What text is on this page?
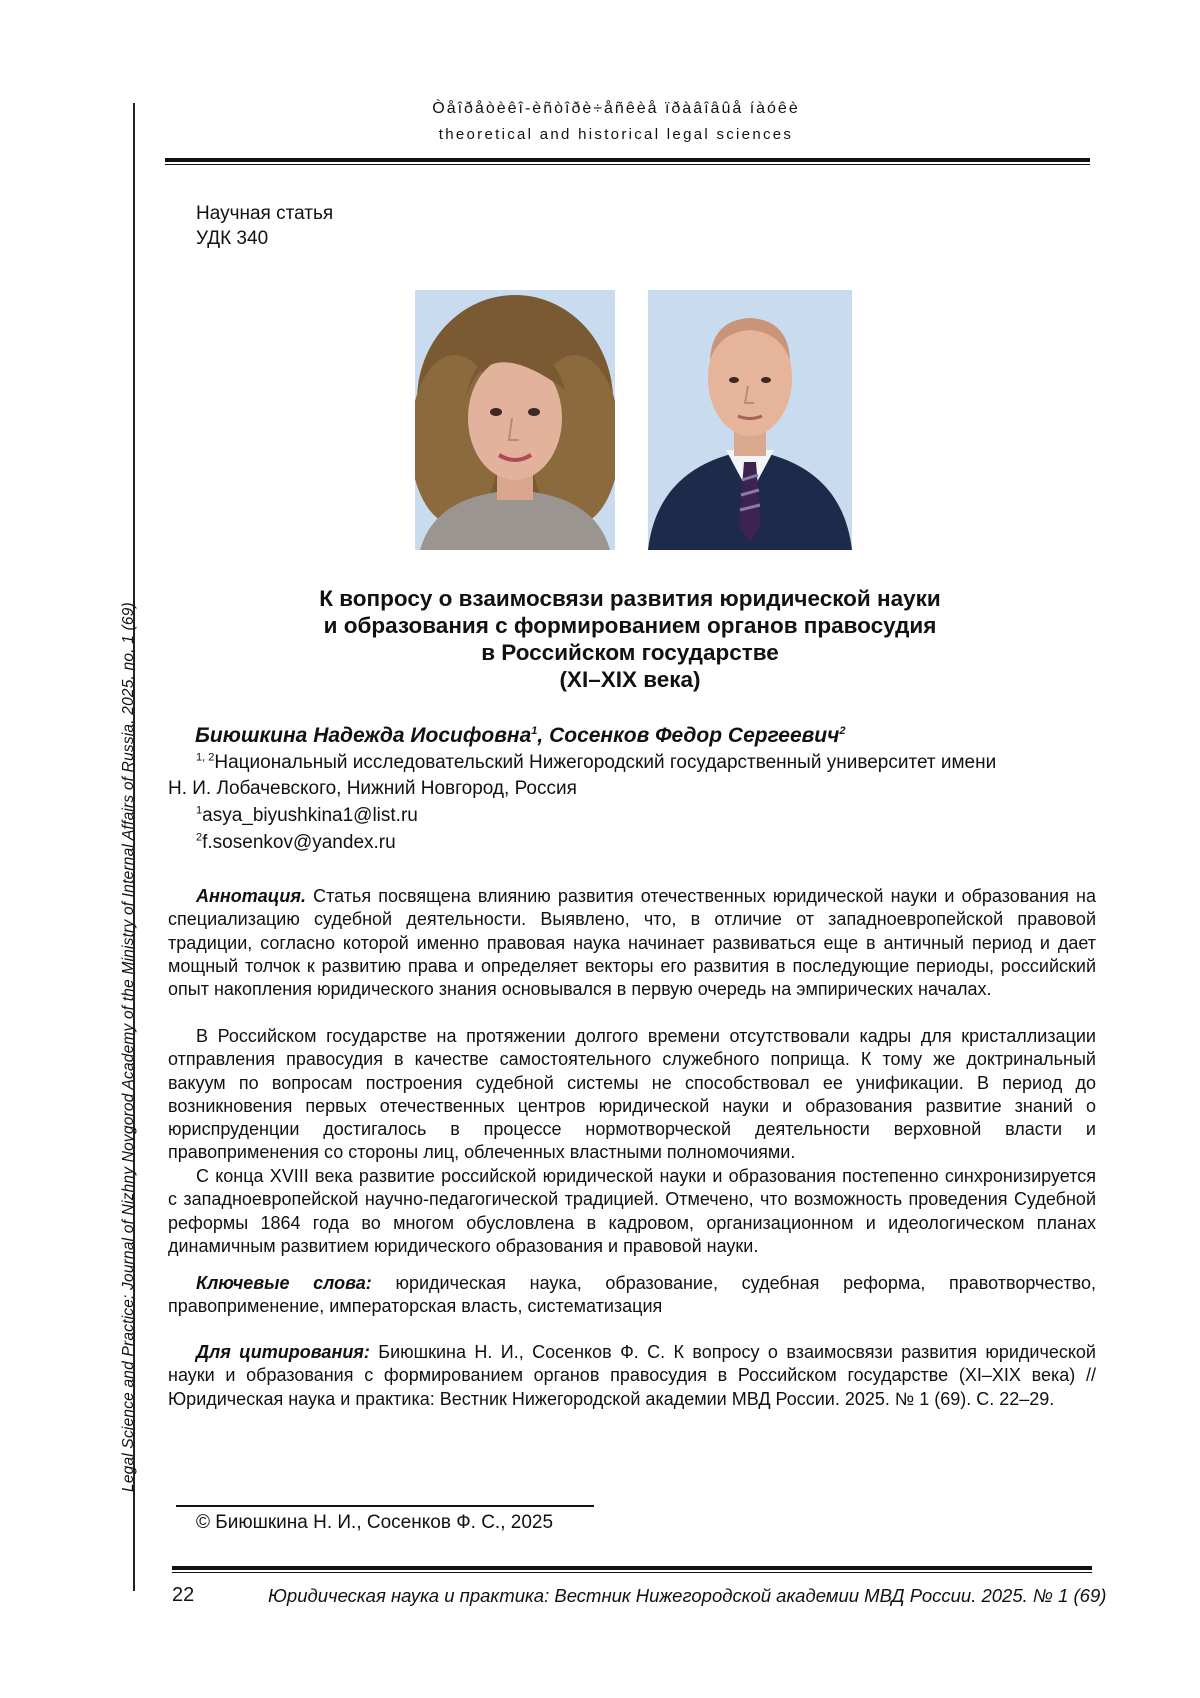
Legal Science and Practice: Journal of Nizhny Novgorod Academy of the Ministry of Internal Affairs of Russia. 2025, no. 1 (69)
Òåîðåòèêî-èñòîðè÷åñêèå ïðàâîâûå íàóêè
theoretical and historical legal sciences
Научная статья
УДК 340
К вопросу о взаимосвязи развития юридической науки
и образования с формированием органов правосудия
в Российском государстве
(XI–XIX века)
Биюшкина Надежда Иосифовна$^1$, Сосенков Федор Сергеевич$^2$
$^{1, 2}$Национальный исследовательский Нижегородский государственный университет имени
Н. И. Лобачевского, Нижний Новгород, Россия
$^1$asya_biyushkina1@list.ru
$^2$f.sosenkov@yandex.ru
Аннотация. Статья посвящена влиянию развития отечественных юридической науки и образования на специализацию судебной деятельности. Выявлено, что, в отличие от западноевропейской правовой традиции, согласно которой именно правовая наука начинает развиваться еще в античный период и дает мощный толчок к развитию права и определяет векторы его развития в последующие периоды, российский опыт накопления юридического знания основывался в первую очередь на эмпирических началах.
В Российском государстве на протяжении долгого времени отсутствовали кадры для кристаллизации отправления правосудия в качестве самостоятельного служебного поприща. К тому же доктринальный вакуум по вопросам построения судебной системы не способствовал ее унификации. В период до возникновения первых отечественных центров юридической науки и образования развитие знаний о юриспруденции достигалось в процессе нормотворческой деятельности верховной власти и правоприменения со стороны лиц, облеченных властными полномочиями.
С конца XVIII века развитие российской юридической науки и образования постепенно синхронизируется с западноевропейской научно-педагогической традицией. Отмечено, что возможность проведения Судебной реформы 1864 года во многом обусловлена в кадровом, организационном и идеологическом планах динамичным развитием юридического образования и правовой науки.
Ключевые слова: юридическая наука, образование, судебная реформа, правотворчество, правоприменение, императорская власть, систематизация
Для цитирования: Биюшкина Н. И., Сосенков Ф. С. К вопросу о взаимосвязи развития юридической науки и образования с формированием органов правосудия в Российском государстве (XI–XIX века) // Юридическая наука и практика: Вестник Нижегородской академии МВД России. 2025. № 1 (69). С. 22–29.
© Биюшкина Н. И., Сосенков Ф. С., 2025
22	Юридическая наука и практика: Вестник Нижегородской академии МВД России. 2025. № 1 (69)
